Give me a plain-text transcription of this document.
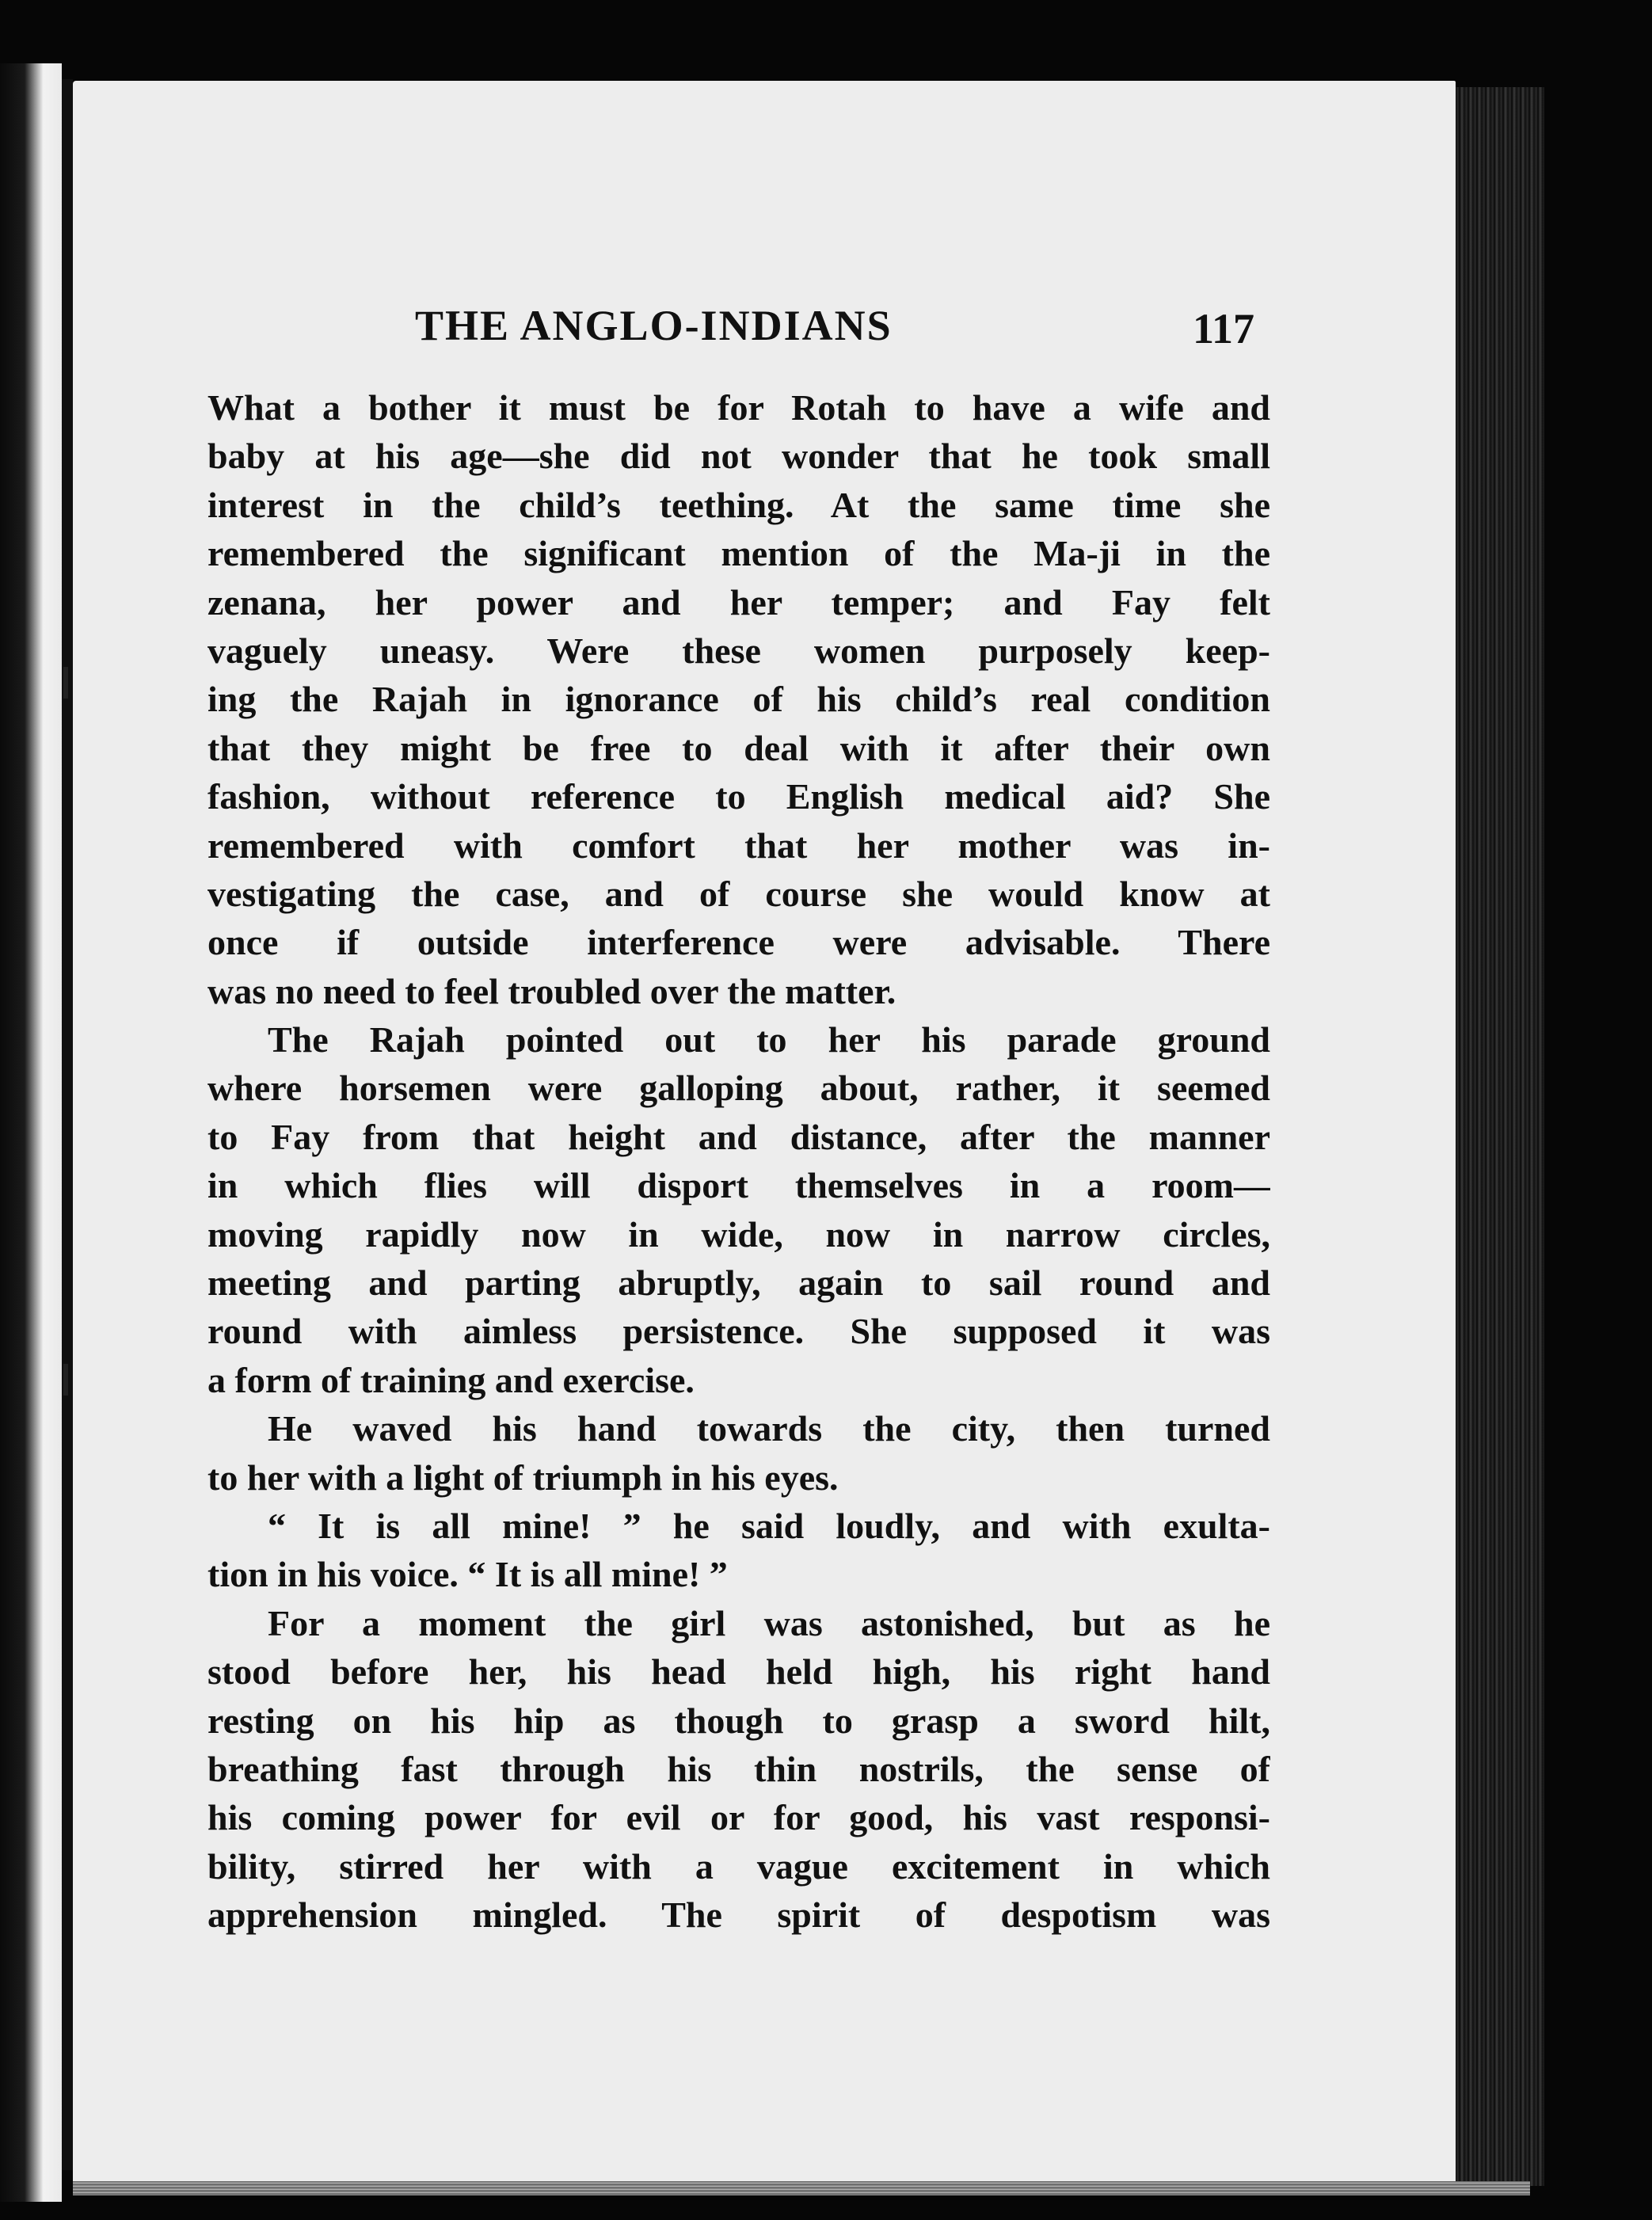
THE ANGLO-INDIANS	117
What a bother it must be for Rotah to have a wife and
baby at his age—she did not wonder that he took small
interest in the child’s teething. At the same time she
remembered the significant mention of the Ma-ji in the
zenana, her power and her temper; and Fay felt
vaguely uneasy. Were these women purposely keep-
ing the Rajah in ignorance of his child’s real condition
that they might be free to deal with it after their own
fashion, without reference to English medical aid? She
remembered with comfort that her mother was in-
vestigating the case, and of course she would know at
once if outside interference were advisable. There
was no need to feel troubled over the matter.
The Rajah pointed out to her his parade ground
where horsemen were galloping about, rather, it seemed
to Fay from that height and distance, after the manner
in which flies will disport themselves in a room—
moving rapidly now in wide, now in narrow circles,
meeting and parting abruptly, again to sail round and
round with aimless persistence. She supposed it was
a form of training and exercise.
He waved his hand towards the city, then turned
to her with a light of triumph in his eyes.
“ It is all mine! ” he said loudly, and with exulta-
tion in his voice. “ It is all mine! ”
For a moment the girl was astonished, but as he
stood before her, his head held high, his right hand
resting on his hip as though to grasp a sword hilt,
breathing fast through his thin nostrils, the sense of
his coming power for evil or for good, his vast responsi-
bility, stirred her with a vague excitement in which
apprehension mingled. The spirit of despotism was
